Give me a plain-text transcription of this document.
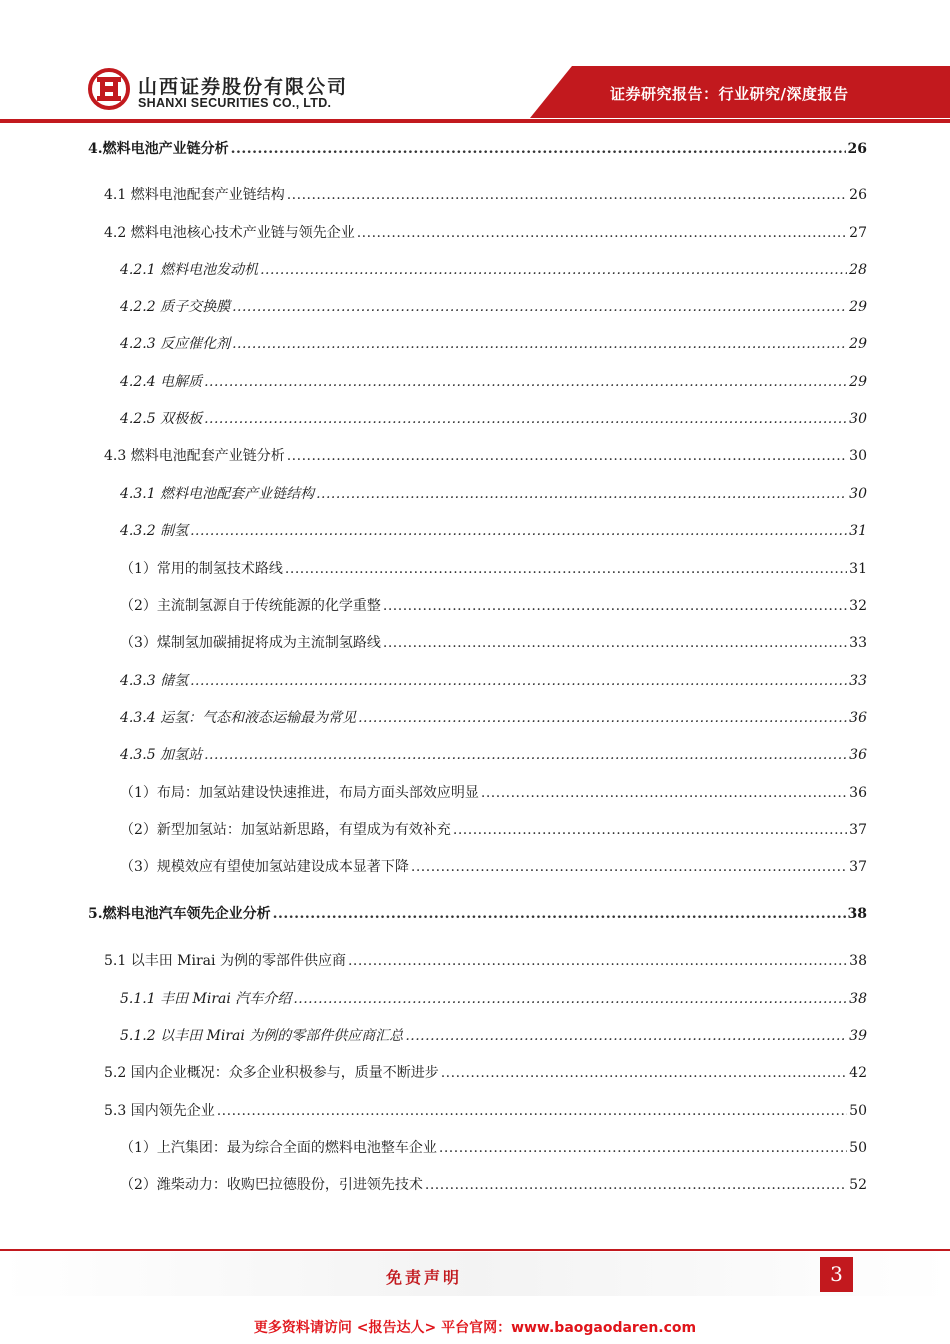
山西证券股份有限公司
SHANXI SECURITIES CO., LTD.	证券研究报告：行业研究/深度报告
4.燃料电池产业链分析 .....	26
4.1 燃料电池配套产业链结构 .....	26
4.2 燃料电池核心技术产业链与领先企业 .....	27
4.2.1 燃料电池发动机 .....	28
4.2.2 质子交换膜 .....	29
4.2.3 反应催化剂 .....	29
4.2.4 电解质 .....	29
4.2.5 双极板 .....	30
4.3 燃料电池配套产业链分析 .....	30
4.3.1 燃料电池配套产业链结构 .....	30
4.3.2 制氢 .....	31
（1）常用的制氢技术路线 .....	31
（2）主流制氢源自于传统能源的化学重整 .....	32
（3）煤制氢加碳捕捉将成为主流制氢路线 .....	33
4.3.3 储氢 .....	33
4.3.4 运氢：气态和液态运输最为常见 .....	36
4.3.5 加氢站 .....	36
（1）布局：加氢站建设快速推进，布局方面头部效应明显 .....	36
（2）新型加氢站：加氢站新思路，有望成为有效补充 .....	37
（3）规模效应有望使加氢站建设成本显著下降 .....	37
5.燃料电池汽车领先企业分析 .....	38
5.1 以丰田 Mirai 为例的零部件供应商 .....	38
5.1.1 丰田 Mirai 汽车介绍 .....	38
5.1.2 以丰田 Mirai 为例的零部件供应商汇总 .....	39
5.2 国内企业概况：众多企业积极参与，质量不断进步 .....	42
5.3 国内领先企业 .....	50
（1）上汽集团：最为综合全面的燃料电池整车企业 .....	50
（2）潍柴动力：收购巴拉德股份，引进领先技术 .....	52
免责声明	3
更多资料请访问 <报告达人> 平台官网：www.baogaodaren.com
